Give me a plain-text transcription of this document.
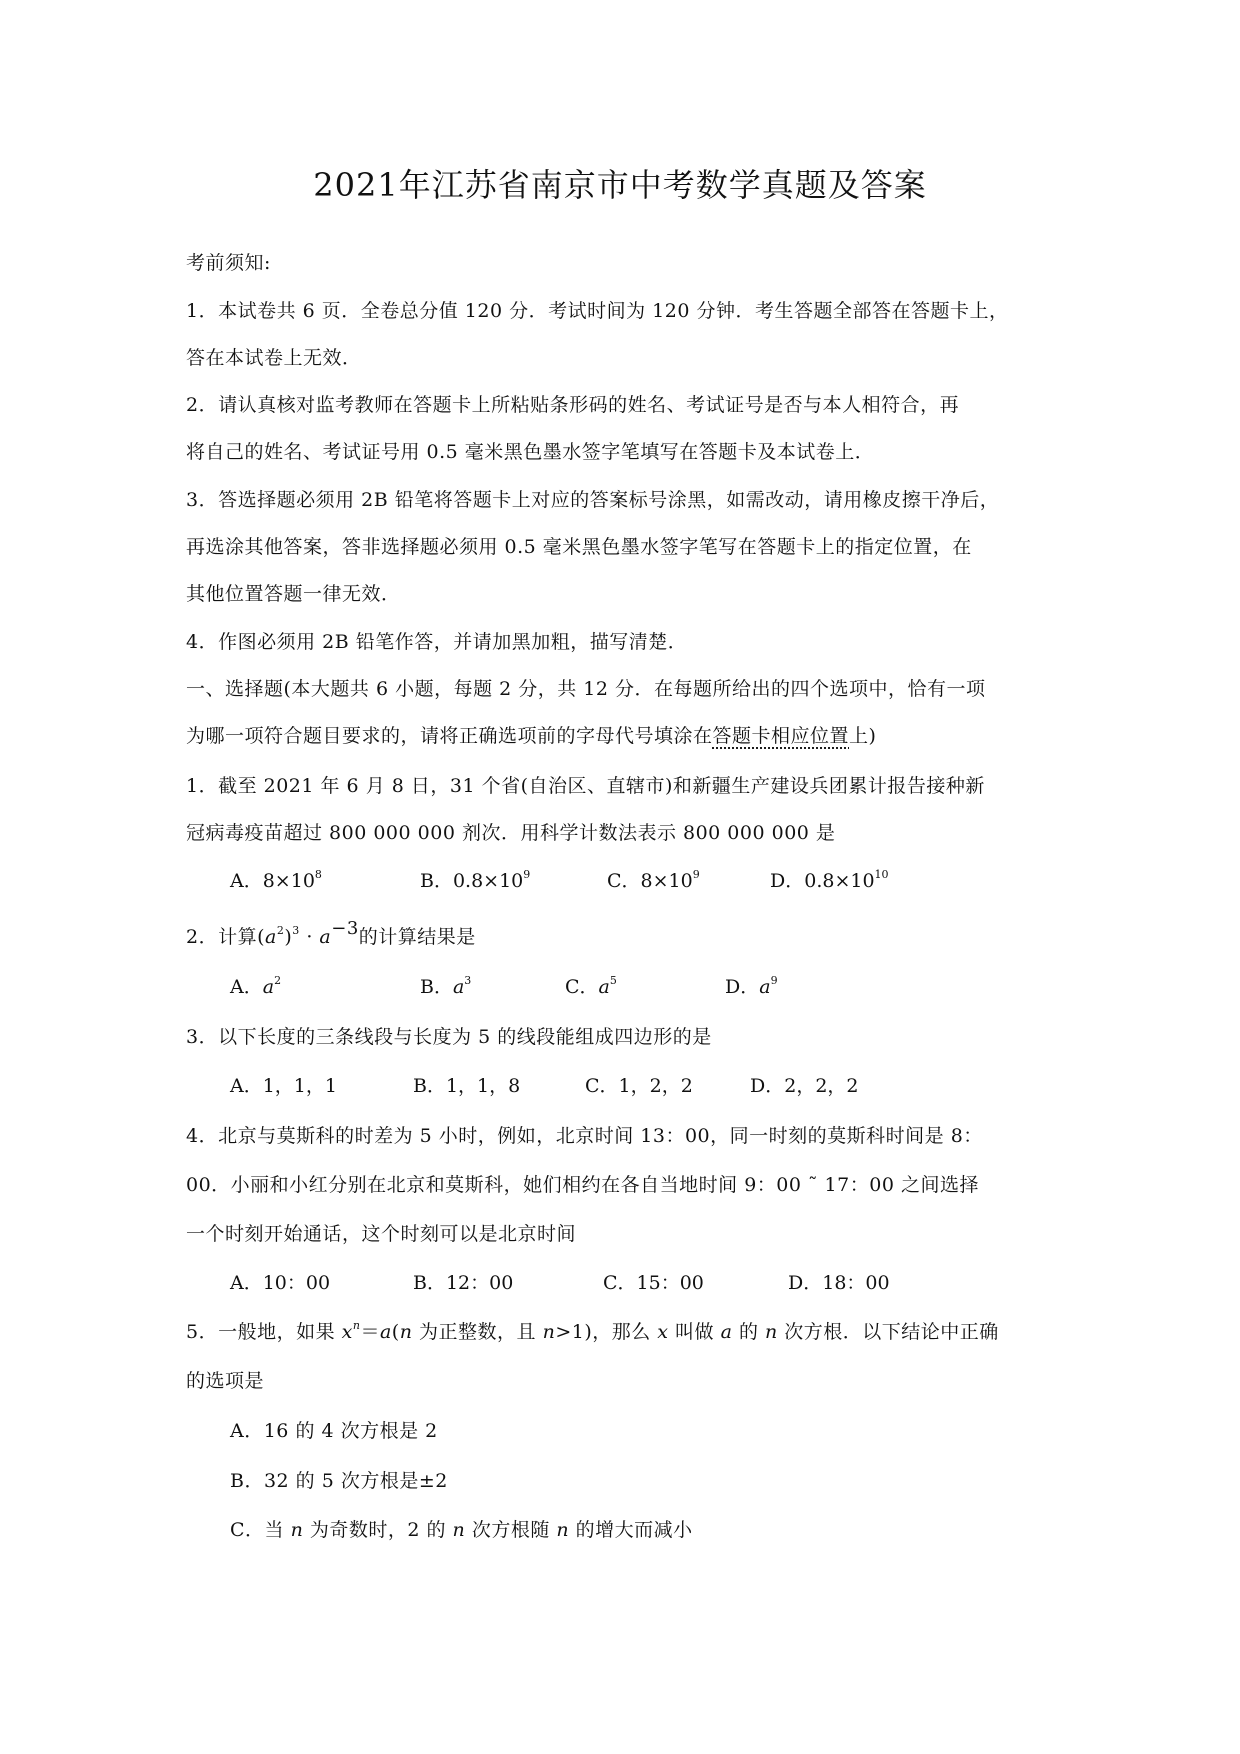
2021年江苏省南京市中考数学真题及答案
考前须知:
1．本试卷共 6 页．全卷总分值 120 分．考试时间为 120 分钟．考生答题全部答在答题卡上，
答在本试卷上无效．
2．请认真核对监考教师在答题卡上所粘贴条形码的姓名、考试证号是否与本人相符合，再
将自己的姓名、考试证号用 0.5 毫米黑色墨水签字笔填写在答题卡及本试卷上．
3．答选择题必须用 2B 铅笔将答题卡上对应的答案标号涂黑，如需改动，请用橡皮擦干净后，
再选涂其他答案，答非选择题必须用 0.5 毫米黑色墨水签字笔写在答题卡上的指定位置，在
其他位置答题一律无效．
4．作图必须用 2B 铅笔作答，并请加黑加粗，描写清楚．
一、选择题(本大题共 6 小题，每题 2 分，共 12 分．在每题所给出的四个选项中，恰有一项
为哪一项符合题目要求的，请将正确选项前的字母代号填涂在答题卡相应位置上)
1．截至 2021 年 6 月 8 日，31 个省(自治区、直辖市)和新疆生产建设兵团累计报告接种新
冠病毒疫苗超过 800 000 000 剂次．用科学计数法表示 800 000 000 是
A．$8\times 10^8$	B．$0.8\times 10^9$	C．$8\times 10^9$	D．$0.8\times 10^{10}$
2．计算$(a^2)^3 \cdot a-3$的计算结果是
A．$a^2$	B．$a^3$	C．$a^5$	D．$a^9$
3．以下长度的三条线段与长度为 5 的线段能组成四边形的是
A．1，1，1	B．1，1，8	C．1，2，2	D．2，2，2
4．北京与莫斯科的时差为 5 小时，例如，北京时间 13：00，同一时刻的莫斯科时间是 8：
00．小丽和小红分别在北京和莫斯科，她们相约在各自当地时间 9：00 ˜ 17：00 之间选择
一个时刻开始通话，这个时刻可以是北京时间
A．10：00	B．12：00	C．15：00	D．18：00
5．一般地，如果 $x^n=a(n$ 为正整数，且 n>1)，那么 x 叫做 a 的 n 次方根．以下结论中正确
的选项是
A．16 的 4 次方根是 2
B．32 的 5 次方根是±2
C．当 n 为奇数时，2 的 n 次方根随 n 的增大而减小
